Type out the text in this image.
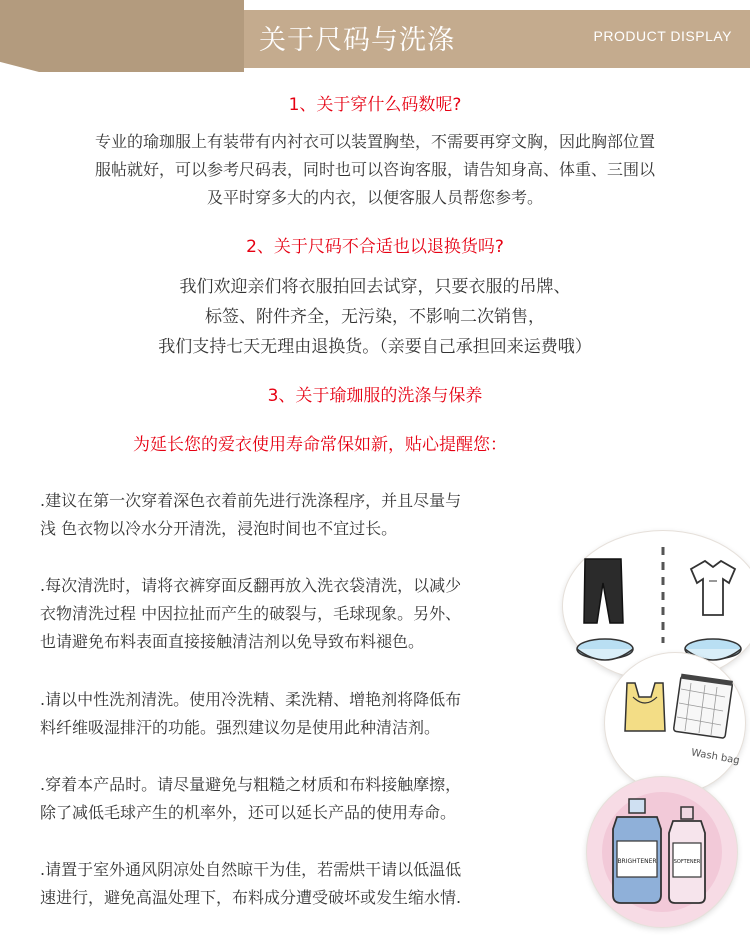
关于尺码与洗涤	PRODUCT DISPLAY
1、关于穿什么码数呢?
专业的瑜珈服上有装带有内衬衣可以装置胸垫，不需要再穿文胸，因此胸部位置
服帖就好，可以参考尺码表，同时也可以咨询客服，请告知身高、体重、三围以
及平时穿多大的内衣，以便客服人员帮您参考。
2、关于尺码不合适也以退换货吗?
我们欢迎亲们将衣服拍回去试穿，只要衣服的吊牌、
标签、附件齐全，无污染，不影响二次销售，
我们支持七天无理由退换货。（亲要自己承担回来运费哦）
3、关于瑜珈服的洗涤与保养
为延长您的爱衣使用寿命常保如新，贴心提醒您：
.建议在第一次穿着深色衣着前先进行洗涤程序，并且尽量与
浅 色衣物以冷水分开清洗，浸泡时间也不宜过长。
.每次清洗时，请将衣裤穿面反翻再放入洗衣袋清洗，以减少
衣物清洗过程 中因拉扯而产生的破裂与，毛球现象。另外、
也请避免布料表面直接接触清洁剂以免导致布料褪色。
.请以中性洗剂清洗。使用冷洗精、柔洗精、增艳剂将降低布
料纤维吸湿排汗的功能。强烈建议勿是使用此种清洁剂。
.穿着本产品时。请尽量避免与粗糙之材质和布料接触摩擦，
除了减低毛球产生的机率外，还可以延长产品的使用寿命。
.请置于室外通风阴凉处自然晾干为佳，若需烘干请以低温低
速进行，避免高温处理下，布料成分遭受破坏或发生缩水情.
Wash bag
BRIGHTENER	SOFTENER
